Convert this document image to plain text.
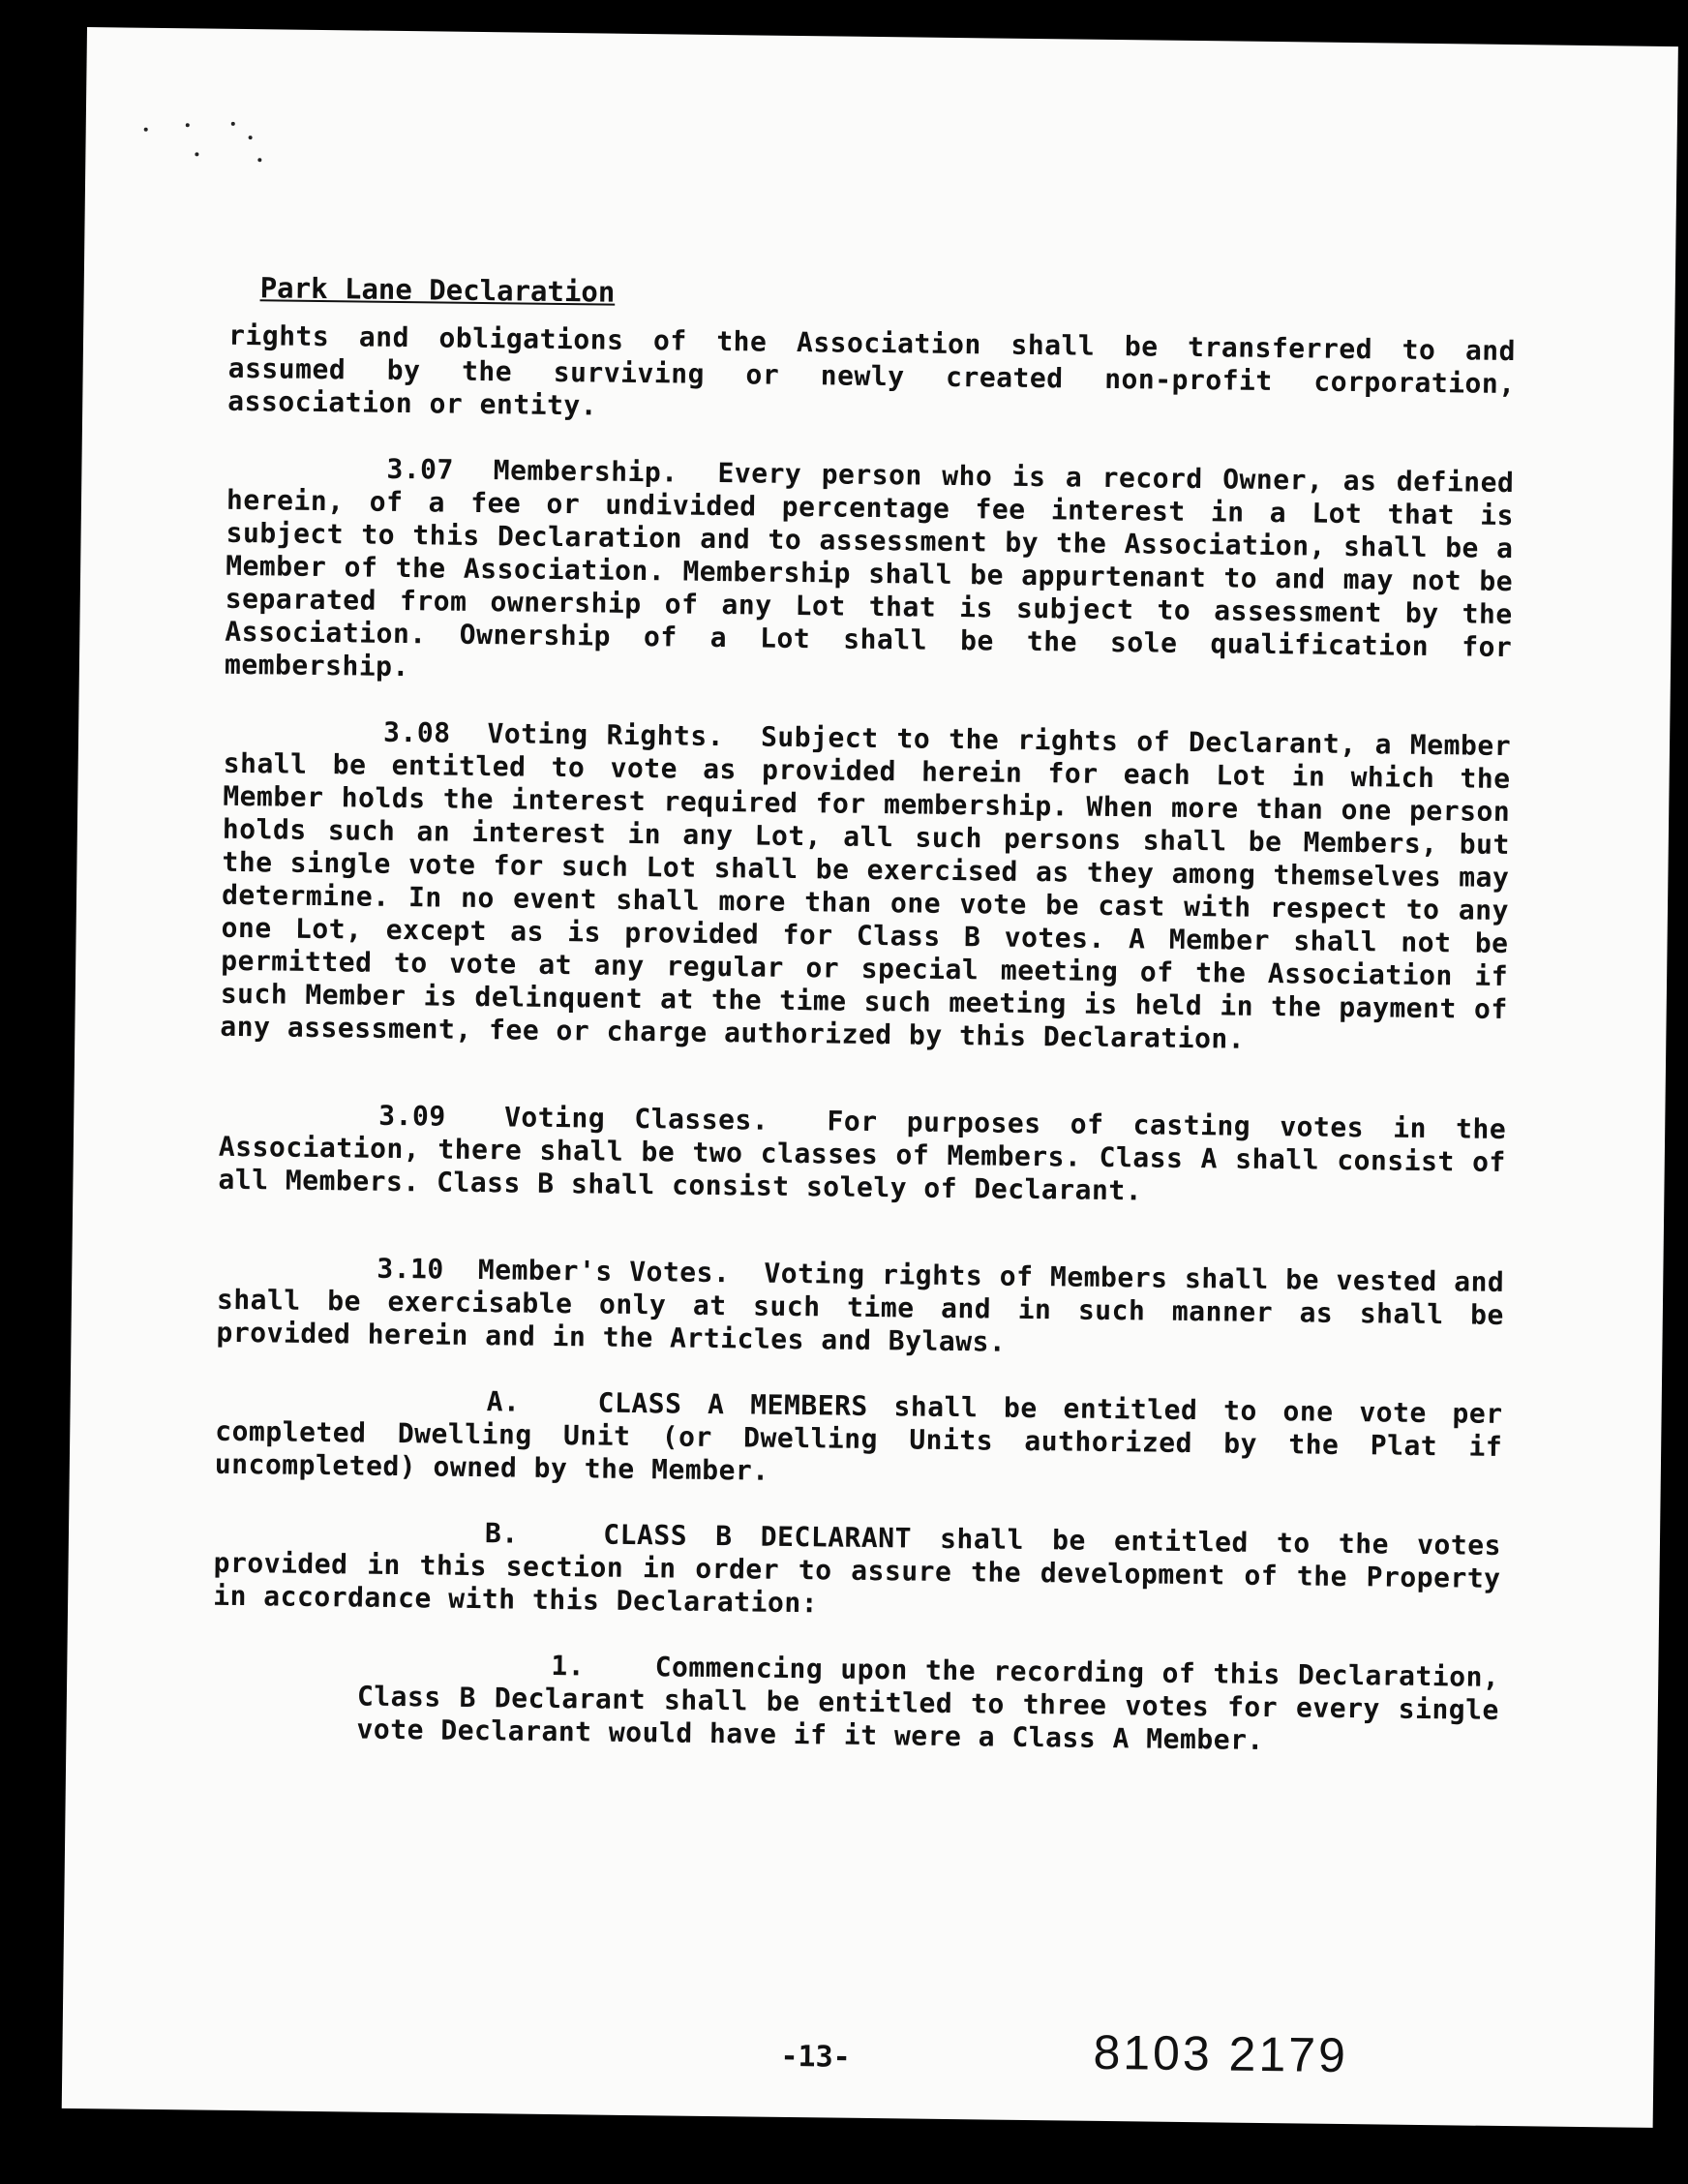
Park Lane Declaration

rights and obligations of the Association shall be transferred to and assumed by the surviving or newly created non-profit corporation, association or entity.

3.07 Membership. Every person who is a record Owner, as defined herein, of a fee or undivided percentage fee interest in a Lot that is subject to this Declaration and to assessment by the Association, shall be a Member of the Association. Membership shall be appurtenant to and may not be separated from ownership of any Lot that is subject to assessment by the Association. Ownership of a Lot shall be the sole qualification for membership.

3.08 Voting Rights. Subject to the rights of Declarant, a Member shall be entitled to vote as provided herein for each Lot in which the Member holds the interest required for membership. When more than one person holds such an interest in any Lot, all such persons shall be Members, but the single vote for such Lot shall be exercised as they among themselves may determine. In no event shall more than one vote be cast with respect to any one Lot, except as is provided for Class B votes. A Member shall not be permitted to vote at any regular or special meeting of the Association if such Member is delinquent at the time such meeting is held in the payment of any assessment, fee or charge authorized by this Declaration.

3.09 Voting Classes. For purposes of casting votes in the Association, there shall be two classes of Members. Class A shall consist of all Members. Class B shall consist solely of Declarant.

3.10 Member's Votes. Voting rights of Members shall be vested and shall be exercisable only at such time and in such manner as shall be provided herein and in the Articles and Bylaws.

A.	CLASS A MEMBERS shall be entitled to one vote per completed Dwelling Unit (or Dwelling Units authorized by the Plat if uncompleted) owned by the Member.

B.	CLASS B DECLARANT shall be entitled to the votes provided in this section in order to assure the development of the Property in accordance with this Declaration:

1.	Commencing upon the recording of this Declaration, Class B Declarant shall be entitled to three votes for every single vote Declarant would have if it were a Class A Member.

-13-	8103 2179
